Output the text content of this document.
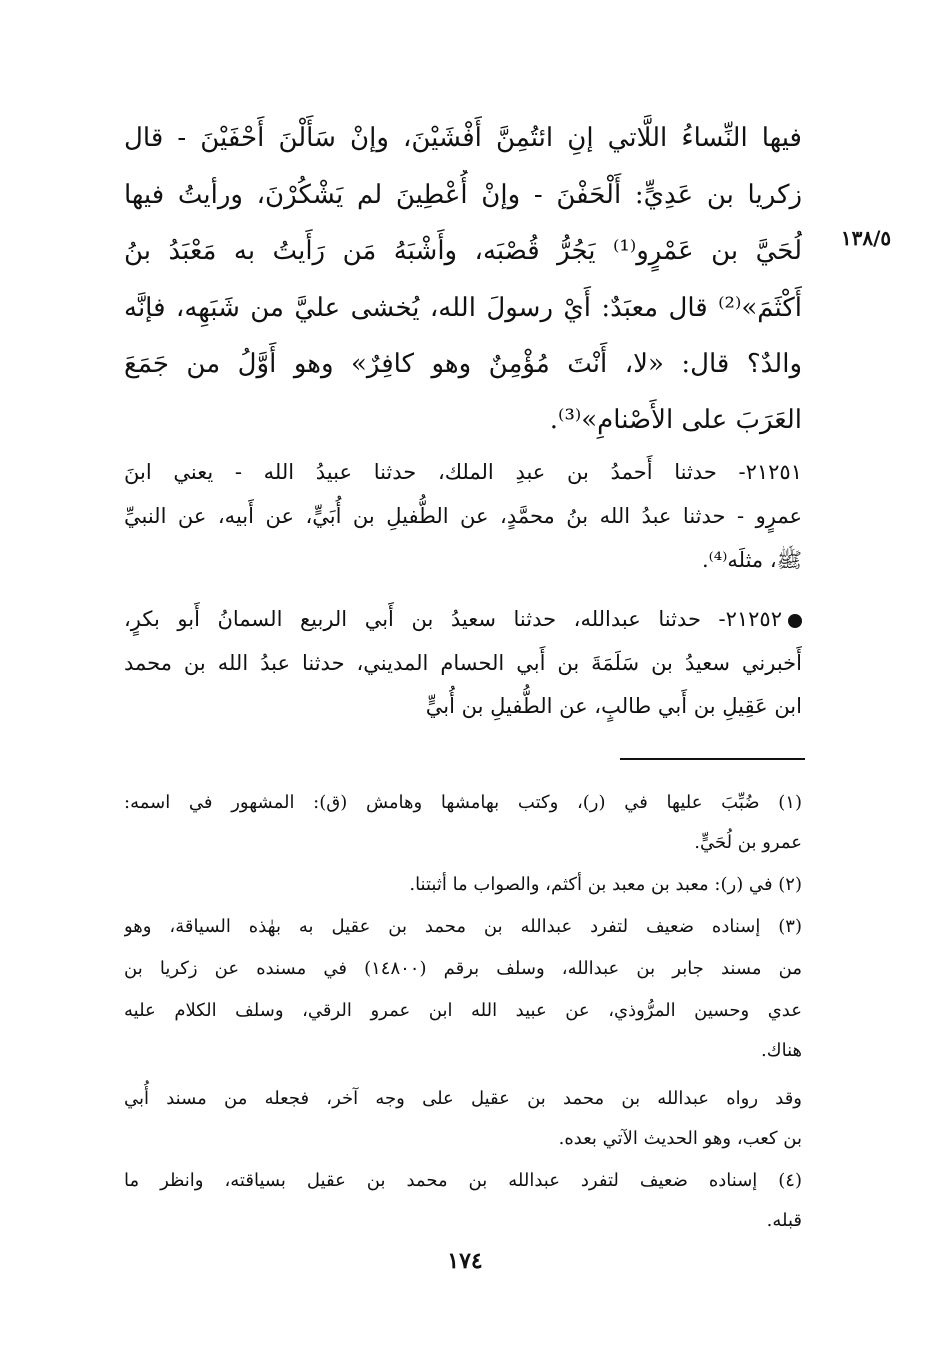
فيها النِّساءُ اللَّاتي إنِ ائتُمِنَّ أَفْشَيْنَ، وإنْ سَأَلْنَ أَحْفَيْنَ - قال
زكريا بن عَدِيٍّ: أَلْحَفْنَ - وإنْ أُعْطِينَ لم يَشْكُرْنَ، ورأيتُ فيها
لُحَيَّ بن عَمْرٍو⁽¹⁾ يَجُرُّ قُصْبَه، وأَشْبَهُ مَن رَأَيتُ به مَعْبَدُ بنُ
أَكْثَمَ»⁽²⁾ قال معبَدٌ: أَيْ رسولَ الله، يُخشى عليَّ من شَبَهِه، فإنَّه
والدٌ؟ قال: «لا، أَنْتَ مُؤْمِنٌ وهو كافِرٌ» وهو أَوَّلُ من جَمَعَ
العَرَبَ على الأَصْنامِ»⁽³⁾.
١٣٨/٥
٢١٢٥١- حدثنا أَحمدُ بن عبدِ الملك، حدثنا عبيدُ الله - يعني ابنَ
عمرٍو - حدثنا عبدُ الله بنُ محمَّدٍ، عن الطُّفيلِ بن أُبَيٍّ، عن أَبيه، عن النبيِّ
ﷺ، مثلَه⁽⁴⁾.
٢١٢٥٢- حدثنا عبدالله، حدثنا سعيدُ بن أَبي الربيع السمانُ أَبو بكرٍ،
أَخبرني سعيدُ بن سَلَمَةَ بن أَبي الحسام المديني، حدثنا عبدُ الله بن محمد
ابن عَقِيلِ بن أَبي طالبٍ، عن الطُّفيلِ بن أُبيٍّ
(١) ضُبِّبَ عليها في (ر)، وكتب بهامشها وهامش (ق): المشهور في اسمه:
عمرو بن لُحَيٍّ.
(٢) في (ر): معبد بن معبد بن أكثم، والصواب ما أثبتنا.
(٣) إسناده ضعيف لتفرد عبدالله بن محمد بن عقيل به بهٰذه السياقة، وهو
من مسند جابر بن عبدالله، وسلف برقم (١٤٨٠٠) في مسنده عن زكريا بن
عدي وحسين المرُّوذي، عن عبيد الله ابن عمرو الرقي، وسلف الكلام عليه
هناك.
وقد رواه عبدالله بن محمد بن عقيل على وجه آخر، فجعله من مسند أُبي
بن كعب، وهو الحديث الآتي بعده.
(٤) إسناده ضعيف لتفرد عبدالله بن محمد بن عقيل بسياقته، وانظر ما
قبله.
١٧٤
